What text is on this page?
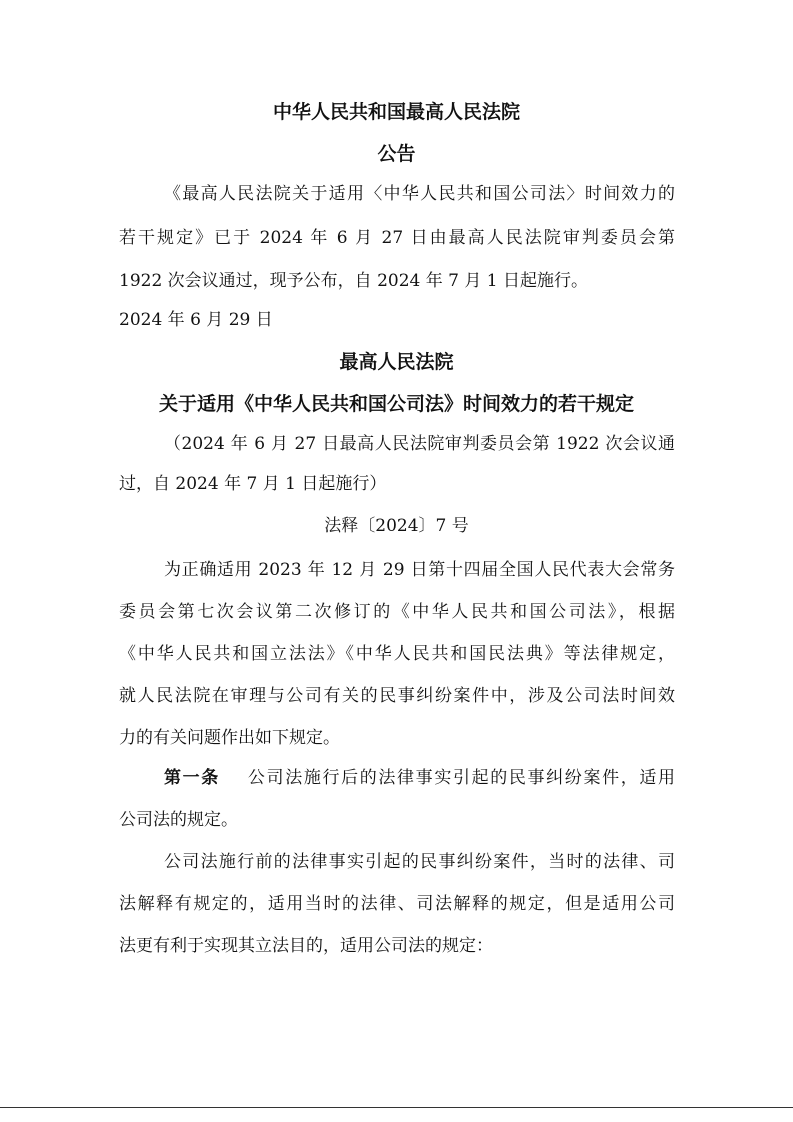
中华人民共和国最高人民法院

公告

《最高人民法院关于适用〈中华人民共和国公司法〉时间效力的

若干规定》已于 2024 年 6 月 27 日由最高人民法院审判委员会第

1922 次会议通过，现予公布，自 2024 年 7 月 1 日起施行。

2024 年 6 月 29 日

最高人民法院

关于适用《中华人民共和国公司法》时间效力的若干规定

（2024 年 6 月 27 日最高人民法院审判委员会第 1922 次会议通

过，自 2024 年 7 月 1 日起施行）

法释〔2024〕7 号

为正确适用 2023 年 12 月 29 日第十四届全国人民代表大会常务

委员会第七次会议第二次修订的《中华人民共和国公司法》，根据

《中华人民共和国立法法》《中华人民共和国民法典》等法律规定，

就人民法院在审理与公司有关的民事纠纷案件中，涉及公司法时间效

力的有关问题作出如下规定。

第一条 公司法施行后的法律事实引起的民事纠纷案件，适用

公司法的规定。

公司法施行前的法律事实引起的民事纠纷案件，当时的法律、司

法解释有规定的，适用当时的法律、司法解释的规定，但是适用公司

法更有利于实现其立法目的，适用公司法的规定：
